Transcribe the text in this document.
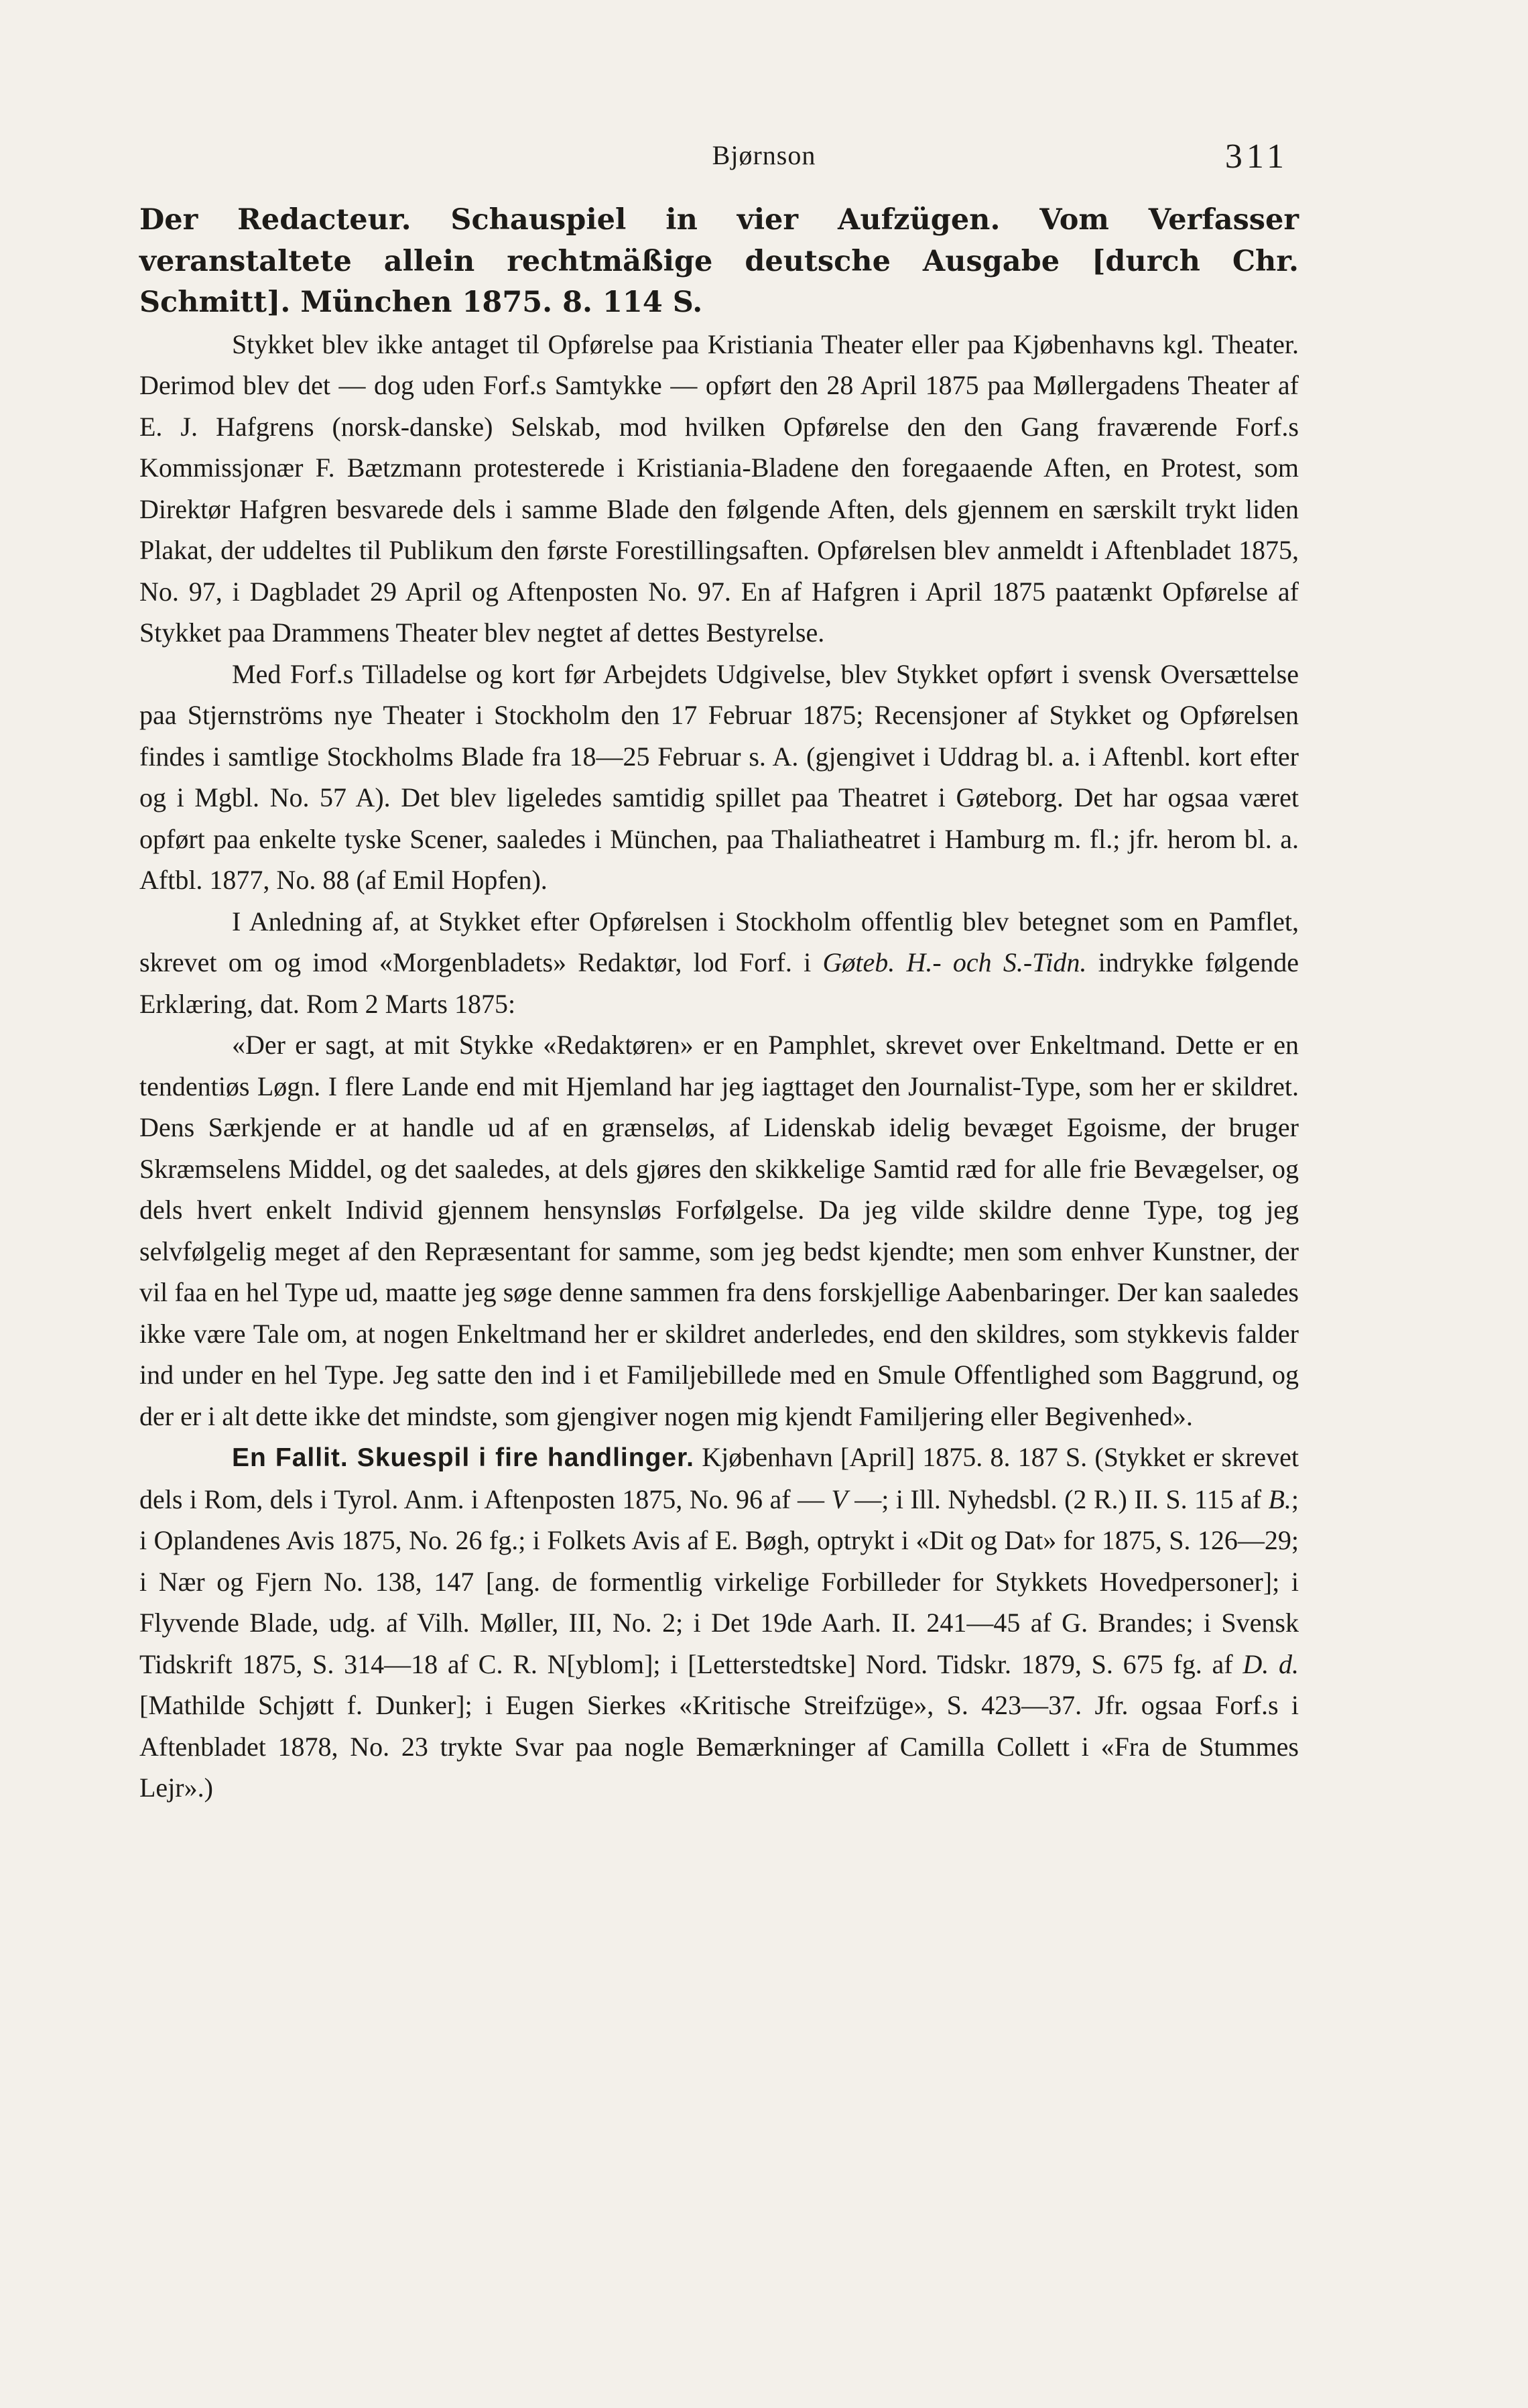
Bjørnson	311

Der Redacteur. Schauspiel in vier Aufzügen. Vom Verfasser veranstaltete allein rechtmäßige deutsche Ausgabe [durch Chr. Schmitt]. München 1875. 8. 114 S.

Stykket blev ikke antaget til Opførelse paa Kristiania Theater eller paa Kjøbenhavns kgl. Theater. Derimod blev det — dog uden Forf.s Samtykke — opført den 28 April 1875 paa Møllergadens Theater af E. J. Hafgrens (norsk-danske) Selskab, mod hvilken Opførelse den den Gang fraværende Forf.s Kommissjonær F. Bætzmann protesterede i Kristiania-Bladene den foregaaende Aften, en Protest, som Direktør Hafgren besvarede dels i samme Blade den følgende Aften, dels gjennem en særskilt trykt liden Plakat, der uddeltes til Publikum den første Forestillingsaften. Opførelsen blev anmeldt i Aftenbladet 1875, No. 97, i Dagbladet 29 April og Aftenposten No. 97. En af Hafgren i April 1875 paatænkt Opførelse af Stykket paa Drammens Theater blev negtet af dettes Bestyrelse.

Med Forf.s Tilladelse og kort før Arbejdets Udgivelse, blev Stykket opført i svensk Oversættelse paa Stjernströms nye Theater i Stockholm den 17 Februar 1875; Recensjoner af Stykket og Opførelsen findes i samtlige Stockholms Blade fra 18—25 Februar s. A. (gjengivet i Uddrag bl. a. i Aftenbl. kort efter og i Mgbl. No. 57 A). Det blev ligeledes samtidig spillet paa Theatret i Gøteborg. Det har ogsaa været opført paa enkelte tyske Scener, saaledes i München, paa Thaliatheatret i Hamburg m. fl.; jfr. herom bl. a. Aftbl. 1877, No. 88 (af Emil Hopfen).

I Anledning af, at Stykket efter Opførelsen i Stockholm offentlig blev betegnet som en Pamflet, skrevet om og imod «Morgenbladets» Redaktør, lod Forf. i Gøteb. H.- och S.-Tidn. indrykke følgende Erklæring, dat. Rom 2 Marts 1875:

«Der er sagt, at mit Stykke «Redaktøren» er en Pamphlet, skrevet over Enkeltmand. Dette er en tendentiøs Løgn. I flere Lande end mit Hjemland har jeg iagttaget den Journalist-Type, som her er skildret. Dens Særkjende er at handle ud af en grænseløs, af Lidenskab idelig bevæget Egoisme, der bruger Skræmselens Middel, og det saaledes, at dels gjøres den skikkelige Samtid ræd for alle frie Bevægelser, og dels hvert enkelt Individ gjennem hensynsløs Forfølgelse. Da jeg vilde skildre denne Type, tog jeg selvfølgelig meget af den Repræsentant for samme, som jeg bedst kjendte; men som enhver Kunstner, der vil faa en hel Type ud, maatte jeg søge denne sammen fra dens forskjellige Aabenbaringer. Der kan saaledes ikke være Tale om, at nogen Enkeltmand her er skildret anderledes, end den skildres, som stykkevis falder ind under en hel Type. Jeg satte den ind i et Familjebillede med en Smule Offentlighed som Baggrund, og der er i alt dette ikke det mindste, som gjengiver nogen mig kjendt Familjering eller Begivenhed».

En Fallit. Skuespil i fire handlinger. Kjøbenhavn [April] 1875. 8. 187 S. (Stykket er skrevet dels i Rom, dels i Tyrol. Anm. i Aftenposten 1875, No. 96 af — V —; i Ill. Nyhedsbl. (2 R.) II. S. 115 af B.; i Oplandenes Avis 1875, No. 26 fg.; i Folkets Avis af E. Bøgh, optrykt i «Dit og Dat» for 1875, S. 126—29; i Nær og Fjern No. 138, 147 [ang. de formentlig virkelige Forbilleder for Stykkets Hovedpersoner]; i Flyvende Blade, udg. af Vilh. Møller, III, No. 2; i Det 19de Aarh. II. 241—45 af G. Brandes; i Svensk Tidskrift 1875, S. 314—18 af C. R. N[yblom]; i [Letterstedtske] Nord. Tidskr. 1879, S. 675 fg. af D. d. [Mathilde Schjøtt f. Dunker]; i Eugen Sierkes «Kritische Streifzüge», S. 423—37. Jfr. ogsaa Forf.s i Aftenbladet 1878, No. 23 trykte Svar paa nogle Bemærkninger af Camilla Collett i «Fra de Stummes Lejr».)
